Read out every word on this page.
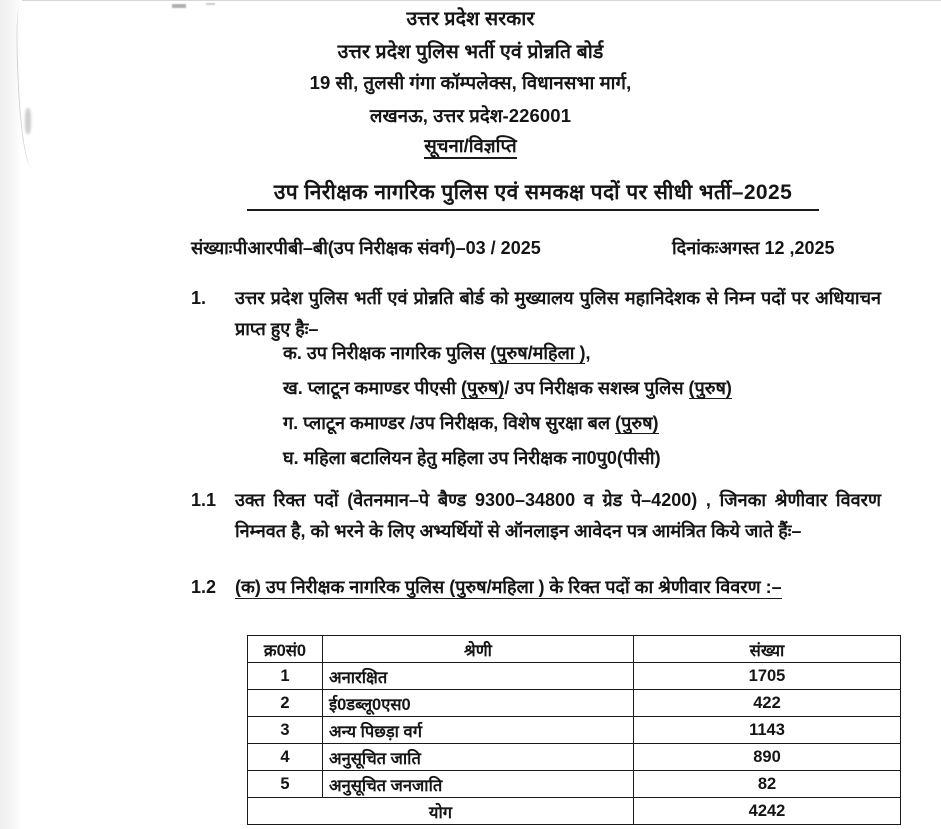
उत्तर प्रदेश सरकार
उत्तर प्रदेश पुलिस भर्ती एवं प्रोन्नति बोर्ड
19 सी, तुलसी गंगा कॉम्पलेक्स, विधानसभा मार्ग,
लखनऊ, उत्तर प्रदेश-226001
सूचना/विज्ञप्ति
उप निरीक्षक नागरिक पुलिस एवं समकक्ष पदों पर सीधी भर्ती–2025
संख्याःपीआरपीबी–बी(उप निरीक्षक संवर्ग)–03 / 2025	दिनांकःअगस्त 12 ,2025
1.	उत्तर प्रदेश पुलिस भर्ती एवं प्रोन्नति बोर्ड को मुख्यालय पुलिस महानिदेशक से निम्न पदों पर अधियाचन प्राप्त हुए हैः–
क. उप निरीक्षक नागरिक पुलिस (पुरुष/महिला ),
ख. प्लाटून कमाण्डर पीएसी (पुरुष)/ उप निरीक्षक सशस्त्र पुलिस (पुरुष)
ग. प्लाटून कमाण्डर /उप निरीक्षक, विशेष सुरक्षा बल (पुरुष)
घ. महिला बटालियन हेतु महिला उप निरीक्षक ना0पु0(पीसी)
1.1	उक्त रिक्त पदों (वेतनमान–पे बैण्ड 9300–34800 व ग्रेड पे–4200) , जिनका श्रेणीवार विवरण निम्नवत है, को भरने के लिए अभ्यर्थियों से ऑनलाइन आवेदन पत्र आमंत्रित किये जाते हैंः–
1.2	(क) उप निरीक्षक नागरिक पुलिस (पुरुष/महिला ) के रिक्त पदों का श्रेणीवार विवरण :–
क्र0सं0	श्रेणी	संख्या
1	अनारक्षित	1705
2	ई0डब्लू0एस0	422
3	अन्य पिछड़ा वर्ग	1143
4	अनुसूचित जाति	890
5	अनुसूचित जनजाति	82
योग		4242
